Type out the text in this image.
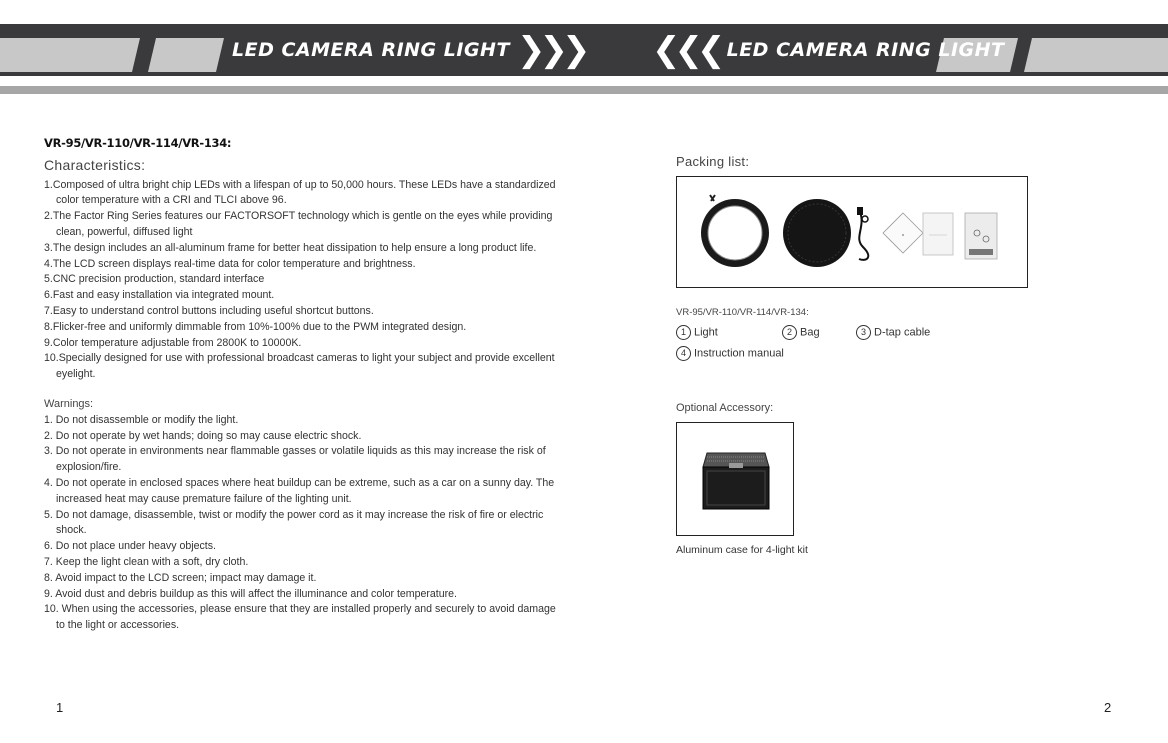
LED CAMERA RING LIGHT ❯❯❯ ❮❮❮ LED CAMERA RING LIGHT
VR-95/VR-110/VR-114/VR-134:
Characteristics:
1.Composed of ultra bright chip LEDs with a lifespan of up to 50,000 hours. These LEDs have a standardized color temperature with a CRI and TLCI above 96.
2.The Factor Ring Series features our FACTORSOFT technology which is gentle on the eyes while providing clean, powerful, diffused light
3.The design includes an all-aluminum frame for better heat dissipation to help ensure a long product life.
4.The LCD screen displays real-time data for color temperature and brightness.
5.CNC precision production, standard interface
6.Fast and easy installation via integrated mount.
7.Easy to understand control buttons including useful shortcut buttons.
8.Flicker-free and uniformly dimmable from 10%-100% due to the PWM integrated design.
9.Color temperature adjustable from 2800K to 10000K.
10.Specially designed for use with professional broadcast cameras to light your subject and provide excellent eyelight.
Warnings:
1. Do not disassemble or modify the light.
2. Do not operate by wet hands; doing so may cause electric shock.
3. Do not operate in environments near flammable gasses or volatile liquids as this may increase the risk of explosion/fire.
4. Do not operate in enclosed spaces where heat buildup can be extreme, such as a car on a sunny day. The increased heat may cause premature failure of the lighting unit.
5. Do not damage, disassemble, twist or modify the power cord as it may increase the risk of fire or electric shock.
6. Do not place under heavy objects.
7. Keep the light clean with a soft, dry cloth.
8. Avoid impact to the LCD screen; impact may damage it.
9. Avoid dust and debris buildup as this will affect the illuminance and color temperature.
10. When using the accessories, please ensure that they are installed properly and securely to avoid damage to the light or accessories.
1
Packing list:
VR-95/VR-110/VR-114/VR-134:
1 Light	2 Bag	3 D-tap cable
4 Instruction manual
Optional Accessory:
Aluminum case for 4-light kit
2
